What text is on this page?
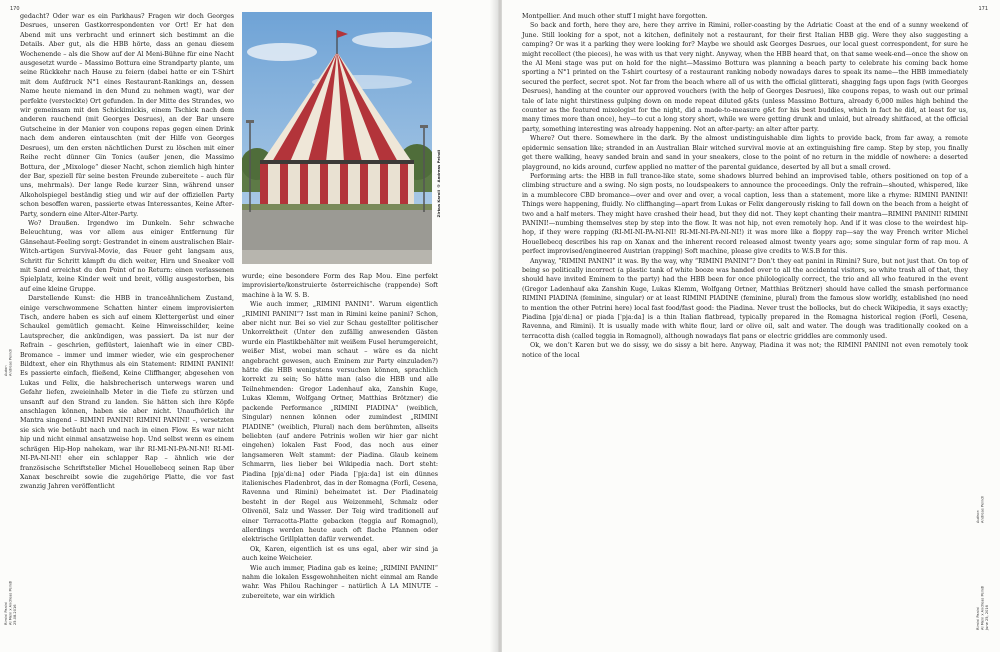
170
Autor:
Andreas Peindl
Rimini Panini
Al Meni x Andreas Peindl
25.08.2016

gedacht? Oder war es ein Parkhaus? Fragen wir doch Georges Desrues, unseren Gastkorrespondenten vor Ort! Er hat den Abend mit uns verbracht und erinnert sich bestimmt an die Details. Aber gut, als die HBB hörte, dass an genau diesem Wochenende – als die Show auf der Al Meni-Bühne für eine Nacht ausgesetzt wurde – Massimo Bottura eine Strandparty plante, um seine Rückkehr nach Hause zu feiern (dabei hatte er ein T-Shirt mit dem Aufdruck N°1 eines Restaurant-Rankings an, dessen Name heute niemand in den Mund zu nehmen wagt), war der perfekte (versteckte) Ort gefunden. In der Mitte des Strandes, wo wir gemeinsam mit den Schickimickis, einem Tschick nach dem anderen rauchend (mit Georges Desrues), an der Bar unsere Gutscheine in der Manier von coupons repas gegen einen Drink nach dem anderen eintauschten (mit der Hilfe von Georges Desrues), um den ersten nächtlichen Durst zu löschen mit einer Reihe recht dünner Gin Tonics (außer jenen, die Massimo Bottura, der „Mixologe“ dieser Nacht, schon ziemlich high hinter der Bar, speziell für seine besten Freunde zubereitete – auch für uns, mehrmals). Der lange Rede kurzer Sinn, während unser Alkoholspiegel beständig stieg und wir auf der offiziellen Party schon besoffen waren, passierte etwas Interessantes, Keine After-Party, sondern eine Alter-Alter-Party.

Wo? Draußen. Irgendwo im Dunkeln. Sehr schwache Beleuchtung, was vor allem aus einiger Entfernung für Gänsehaut-Feeling sorgt: Gestrandet in einem australischen Blair-Witch-artigen Survival-Movie, das Feuer geht langsam aus, Schritt für Schritt kämpft du dich weiter, Hirn und Sneaker voll mit Sand erreichst du den Point of no Return: einen verlassenen Spielplatz, keine Kinder weit und breit, völlig ausgestorben, bis auf eine kleine Gruppe.

Darstellende Kunst: die HBB in tranceähnlichem Zustand, einige verschwommene Schatten hinter einem improvisierten Tisch, andere haben es sich auf einem Klettergerüst und einer Schaukel gemütlich gemacht. Keine Hinweisschilder, keine Lautsprecher, die ankündigen, was passiert. Da ist nur der Refrain – geschrien, geflüstert, laienhaft wie in einer CBD-Bromance – immer und immer wieder, wie ein gesprochener Bildtext, eher ein Rhythmus als ein Statement: RIMINI PANINI! Es passierte einfach, fließend, Keine Cliffhanger, abgesehen von Lukas und Felix, die halsbrecherisch unterwegs waren und Gefahr liefen, zweieinhalb Meter in die Tiefe zu stürzen und unsanft auf den Strand zu landen. Sie hätten sich ihre Köpfe anschlagen können, haben sie aber nicht. Unaufhörlich ihr Mantra singend – RIMINI PANINI! RIMINI PANINI! –, versetzten sie sich wie betäubt nach und nach in einen Flow. Es war nicht hip und nicht einmal ansatzweise hop. Und selbst wenn es einem schrägen Hip-Hop nahekam, war ihr RI-MI-NI-PA-NI-NI! RI-MI-NI-PA-NI-NI! eher ein schlapper Rap – ähnlich wie der französische Schriftsteller Michel Houellebecq seinen Rap über Xanax beschreibt sowie die zugehörige Platte, die vor fast zwanzig Jahren veröffentlicht

Zirkus Karoli © Andreas Peindl

wurde; eine besondere Form des Rap Mou. Eine perfekt improvisierte/konstruierte österreichische (rappende) Soft machine à la W. S. B.

Wie auch immer, „RIMINI PANINI“. Warum eigentlich „RIMINI PANINI“? Isst man in Rimini keine panini? Schon, aber nicht nur. Bei so viel zur Schau gestellter politischer Unkorrektheit (Unter den zufällig anwesenden Gästen wurde ein Plastikbehälter mit weißem Fusel herumgereicht, weißer Mist, wobei man schaut – wäre es da nicht angebracht gewesen, auch Eminem zur Party einzuladen?) hätte die HBB wenigstens versuchen können, sprachlich korrekt zu sein; So hätte man (also die HBB und alle Teilnehmenden: Gregor Ladenhauf aka, Zanshin Kuge, Lukas Klemm, Wolfgang Ortner, Matthias Brötzner) die packende Performance „RIMINI PIADINA“ (weiblich, Singular) nennen können oder zumindest „RIMINI PIADINE“ (weiblich, Plural) nach dem berühmten, allseits beliebten (auf andere Petrinis wollen wir hier gar nicht eingehen) lokalen Fast Food, das noch aus einer langsameren Welt stammt: der Piadina. Glaub keinem Schmarrn, lies lieber bei Wikipedia nach. Dort steht: Piadina [pjaˈdiːna] oder Piada [ˈpjaːda] ist ein dünnes italienisches Fladenbrot, das in der Romagna (Forlì, Cesena, Ravenna und Rimini) beheimatet ist. Der Piadinateig besteht in der Regel aus Weizenmehl, Schmalz oder Olivenöl, Salz und Wasser. Der Teig wird traditionell auf einer Terracotta-Platte gebacken (teggia auf Romagnol), allerdings werden heute auch oft flache Pfannen oder elektrische Grillplatten dafür verwendet.

Ok, Karen, eigentlich ist es uns egal, aber wir sind ja auch keine Weicheier.

Wie auch immer, Piadina gab es keine; „RIMINI PANINI“ nahm die lokalen Essgewohnheiten nicht einmal am Rande wahr. Was Philou Rachinger – natürlich À LA MINUTE – zubereitete, war ein wirklich

171

Montpellier. And much other stuff I might have forgotten.

So back and forth, here they are, here they arrive in Rimini, roller-coasting by the Adriatic Coast at the end of a sunny weekend of June. Still looking for a spot, not a kitchen, definitely not a restaurant, for their first Italian HBB gig. Were they also suggesting a camping? Or was it a parking they were looking for? Maybe we should ask Georges Desrues, our local guest correspondent, for sure he might recollect (the pieces), he was with us that very night. Anyway, when the HBB heard that, on that same week-end—once the show on the Al Meni stage was put on hold for the night—Massimo Bottura was planning a beach party to celebrate his coming back home sporting a N°1 printed on the T-shirt courtesy of a restaurant ranking nobody nowadays dares to speak its name—the HBB immediately secured the perfect, secret spot. Not far from the beach where all of us with the official glitterati, shagging fags upon fags (with Georges Desrues), handing at the counter our approved vouchers (with the help of Georges Desrues), like coupons repas, to wash out our primal tale of late night thirstiness gulping down on mode repeat diluted g&ts (unless Massimo Bottura, already 6,000 miles high behind the counter as the featured mixologist for the night, did a made-to-measure g&t for his best buddies, which in fact he did, at least for us, many times more than once), hey—to cut a long story short, while we were getting drunk and unlaid, but already shitfaced, at the official party, something interesting was already happening. Not an after-party: an alter after party.

Where? Out there. Somewhere in the dark. By the almost undistinguishable dim lights to provide back, from far away, a remote epidermic sensation like; stranded in an Australian Blair witched survival movie at an extinguishing fire camp. Step by step, you finally get there walking, heavy sanded brain and sand in your sneakers, close to the point of no return in the middle of nowhere: a deserted playground, no kids around, curfew applied no matter of the parental guidance, deserted by all but a small crowd.

Performing arts: the HBB in full trance-like state, some shadows blurred behind an improvised table, others positioned on top of a climbing structure and a swing. No sign posts, no loudspeakers to announce the proceedings. Only the refrain—shouted, whispered, like in a mumblecore CBD bromance—over and over and over, a vocal caption, less than a statement, more like a rhyme: RIMINI PANINI! Things were happening, fluidly. No cliffhanging—apart from Lukas or Felix dangerously risking to fall down on the beach from a height of two and a half meters. They might have crashed their head, but they did not. They kept chanting their mantra—RIMINI PANINI! RIMINI PANINI!—numbing themselves step by step into the flow. It was not hip, not even remotely hop. And if it was close to the weirdest hip-hop, if they were rapping (RI-MI-NI-PA-NI-NI! RI-MI-NI-PA-NI-NI!) it was more like a floppy rap—say the way French writer Michel Houellebecq describes his rap on Xanax and the inherent record released almost twenty years ago; some singular form of rap mou. A perfect improvised/engineered Austrian (rapping) Soft machine, please give credits to W.S.B for this.

Anyway, “RIMINI PANINI” it was. By the way, why “RIMINI PANINI”? Don’t they eat panini in Rimini? Sure, but not just that. On top of being so politically incorrect (a plastic tank of white booze was handed over to all the accidental visitors, so white trash all of that, they should have invited Eminem to the party) had the HBB been for once philologically correct, the trio and all who featured in the event (Gregor Ladenhauf aka Zanshin Kuge, Lukas Klemm, Wolfgang Ortner, Matthias Brötzner) should have called the smash performance RIMINI PIADINA (feminine, singular) or at least RIMINI PIADINE (feminine, plural) from the famous slow worldly, established (no need to mention the other Petrini here) local fast food/fast good: the Piadina. Never trust the bollocks, but do check Wikipedia, it says exactly; Piadina [pjaˈdiːna] or piada [ˈpjaːda] is a thin Italian flatbread, typically prepared in the Romagna historical region (Forlì, Cesena, Ravenna, and Rimini). It is usually made with white flour, lard or olive oil, salt and water. The dough was traditionally cooked on a terracotta dish (called teggia in Romagnol), although nowadays flat pans or electric griddles are commonly used.

Ok, we don’t Karen but we do sissy, we do sissy a bit here. Anyway, Piadina it was not; the RIMINI PANINI not even remotely took notice of the local

Author:
Andreas Peindl
Rimini Panini
Al Meni x Andreas Peindl
June 25, 2016
